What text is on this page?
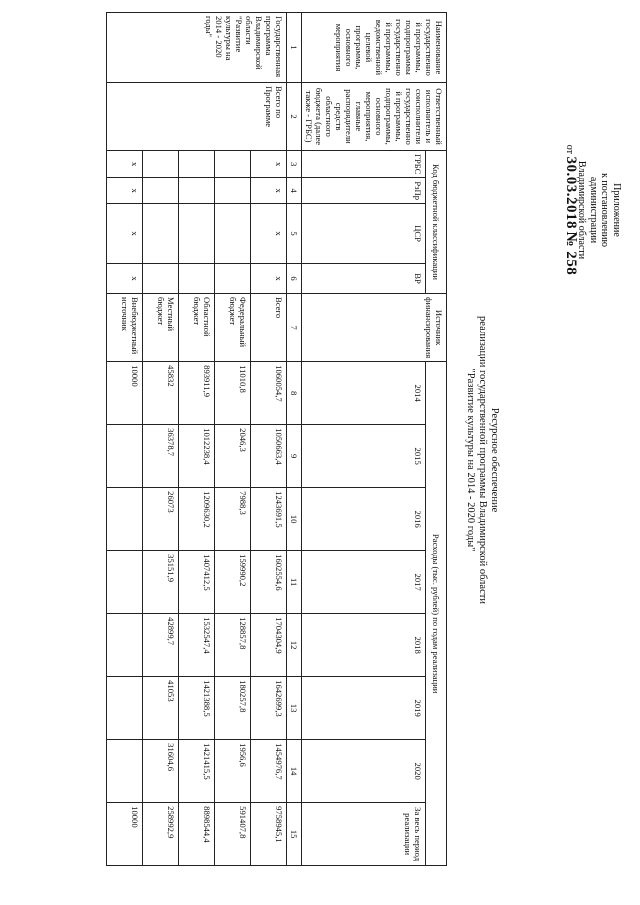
Приложение
к постановлению
администрации
Владимирской области
от 30.03.2018 № 258
Ресурсное обеспечение
реализации государственной программы Владимирской области
"Развитие культуры на 2014 - 2020 годы"
Наименование государственно й программы, подпрограммы государственно й программы, ведомственной целевой программы, основного мероприятия	Ответственный исполнитель и соисполнители государственно й программы, подпрограммы, основного мероприятия, главные распорядители средств областного бюджета (далее также - ГРБС)	Код бюджетной классификации				Источник финансирования	Расходы (тыс. рублей) по годам реализации							
		ГРБС	РзПр	ЦСР	ВР		2014	2015	2016	2017	2018	2019	2020	За весь период реализации
1	2	3	4	5	6	7	8	9	10	11	12	13	14	15
Государственная программа Владимирской области "Развитие культуры на 2014 - 2020 годы"	Всего по Программе	x	x	x	x	Всего	1060054,7	1050663,4	1243691,5	1602554,6	1704304,9	1642699,3	1454976,7	9758945,1
						Федеральный бюджет	11010,8	2046,3	7988,3	159990,2	128857,8	180257,8	1956,6	591407,8
						Областной бюджет	893911,9	1012238,4	1209630,2	1407412,5	1532547,4	1421388,5	1421415,5	8898544,4
						Местный бюджет	45832	36378,7	26073	35151,9	42899,7	41053	31604,6	258992,9
		x	x	x	x	Внебюджетный источник	10000							10000
